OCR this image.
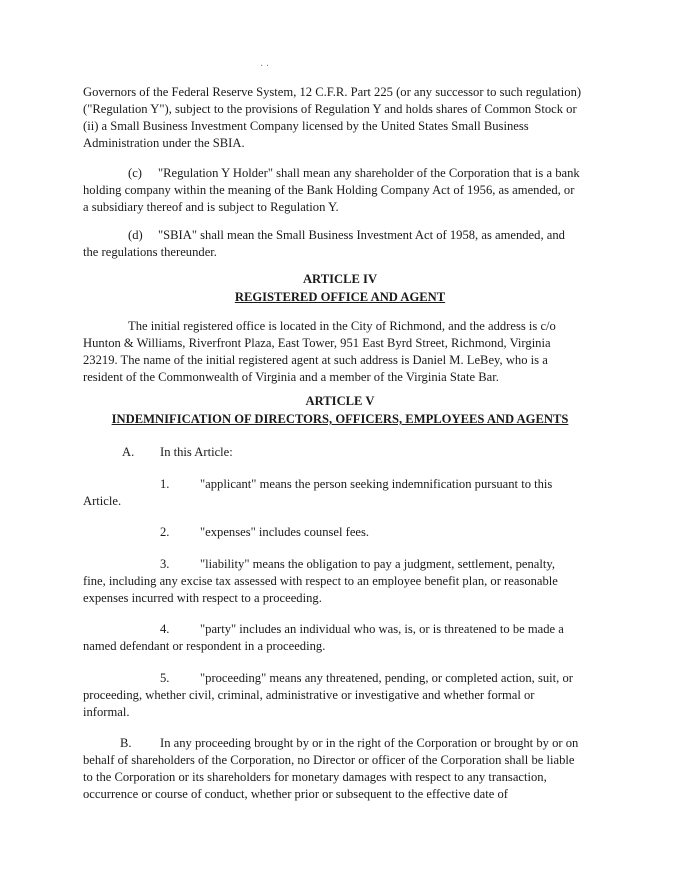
· ·

Governors of the Federal Reserve System, 12 C.F.R. Part 225 (or any successor to such regulation) ("Regulation Y"), subject to the provisions of Regulation Y and holds shares of Common Stock or (ii) a Small Business Investment Company licensed by the United States Small Business Administration under the SBIA.

(c) "Regulation Y Holder" shall mean any shareholder of the Corporation that is a bank holding company within the meaning of the Bank Holding Company Act of 1956, as amended, or a subsidiary thereof and is subject to Regulation Y.

(d) "SBIA" shall mean the Small Business Investment Act of 1958, as amended, and the regulations thereunder.

ARTICLE IV
REGISTERED OFFICE AND AGENT

The initial registered office is located in the City of Richmond, and the address is c/o Hunton & Williams, Riverfront Plaza, East Tower, 951 East Byrd Street, Richmond, Virginia 23219. The name of the initial registered agent at such address is Daniel M. LeBey, who is a resident of the Commonwealth of Virginia and a member of the Virginia State Bar.

ARTICLE V
INDEMNIFICATION OF DIRECTORS, OFFICERS, EMPLOYEES AND AGENTS
A. In this Article:
1. "applicant" means the person seeking indemnification pursuant to this
Article.
2. "expenses" includes counsel fees.
3. "liability" means the obligation to pay a judgment, settlement, penalty,

fine, including any excise tax assessed with respect to an employee benefit plan, or reasonable expenses incurred with respect to a proceeding.

4. "party" includes an individual who was, is, or is threatened to be made a
named defendant or respondent in a proceeding.
5. "proceeding" means any threatened, pending, or completed action, suit, or

proceeding, whether civil, criminal, administrative or investigative and whether formal or informal.

B. In any proceeding brought by or in the right of the Corporation or brought by or on behalf of shareholders of the Corporation, no Director or officer of the Corporation shall be liable to the Corporation or its shareholders for monetary damages with respect to any transaction, occurrence or course of conduct, whether prior or subsequent to the effective date of
